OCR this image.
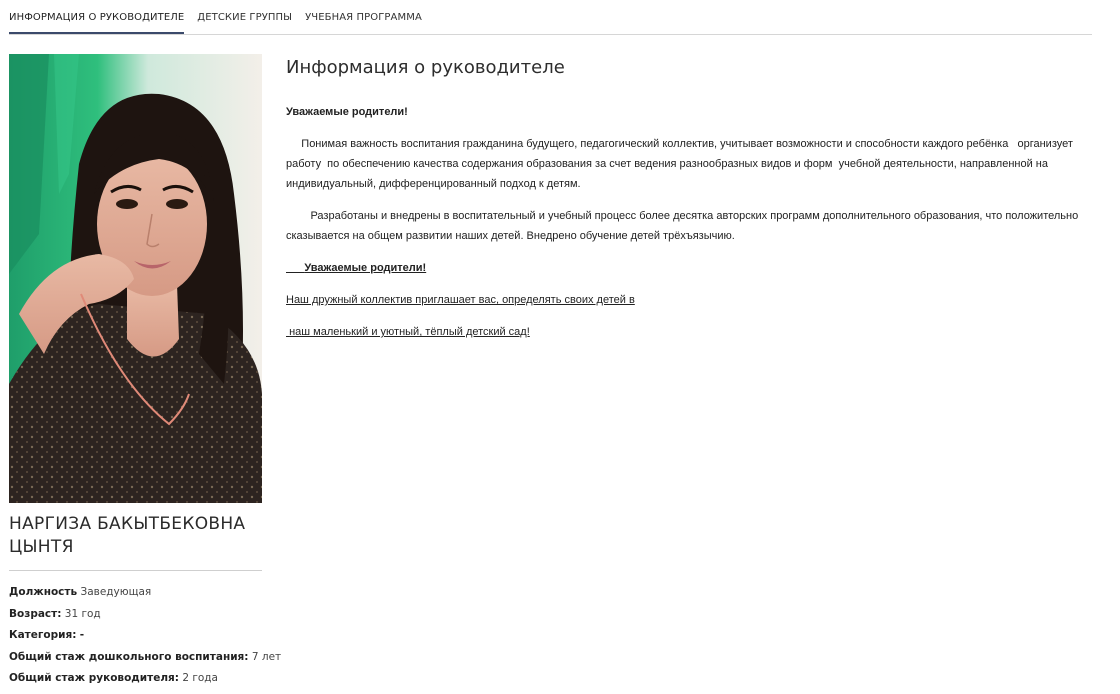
ИНФОРМАЦИЯ О РУКОВОДИТЕЛЕ ДЕТСКИЕ ГРУППЫ УЧЕБНАЯ ПРОГРАММА
НАРГИЗА БАКЫТБЕКОВНА
ЦЫНТЯ
Должность Заведующая
Возраст: 31 год
Категория: -
Общий стаж дошкольного воспитания: 7 лет
Общий стаж руководителя: 2 года
Информация о руководителе
Уважаемые родители!
Понимая важность воспитания гражданина будущего, педагогический коллектив, учитывает возможности и способности каждого ребёнка   организует работу  по обеспечению качества содержания образования за счет ведения разнообразных видов и форм  учебной деятельности, направленной на индивидуальный, дифференцированный подход к детям.
Разработаны и внедрены в воспитательный и учебный процесс более десятка авторских программ дополнительного образования, что положительно сказывается на общем развитии наших детей. Внедрено обучение детей трёхъязычию.
Уважаемые родители!
Наш дружный коллектив приглашает вас, определять своих детей в
наш маленький и уютный, тёплый детский сад!
